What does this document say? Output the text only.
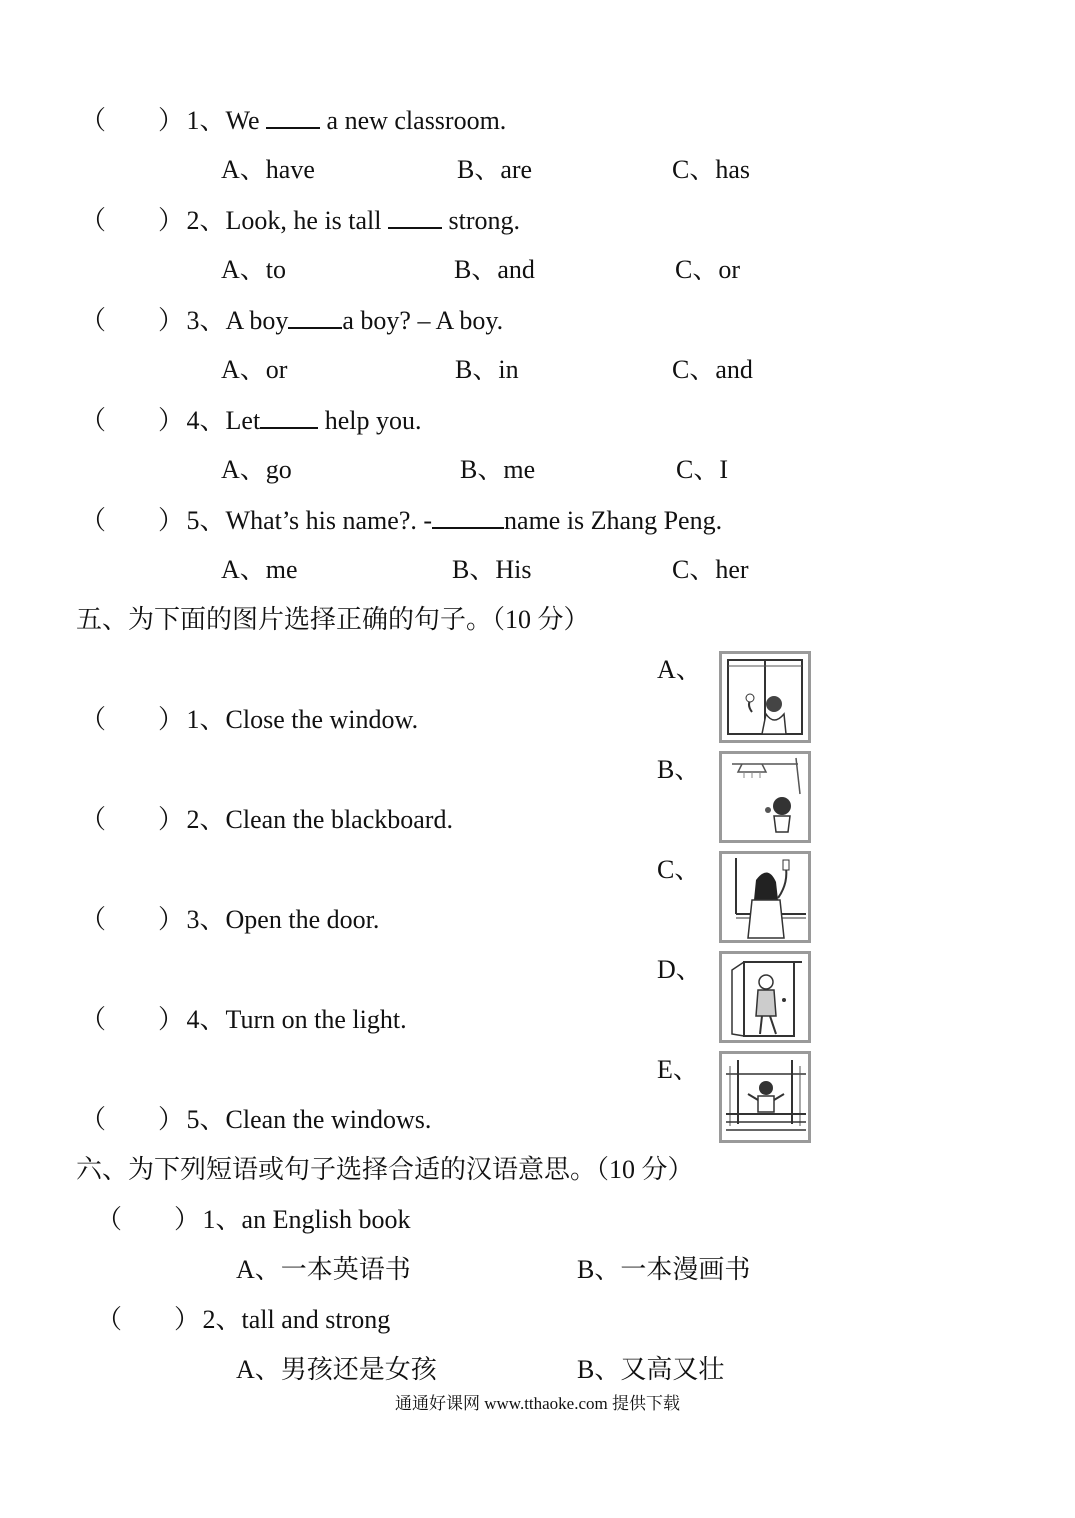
（　　） 1、We  a new classroom.
A、have	B、are	C、has
（　　） 2、Look, he is tall  strong.
A、to	B、and	C、or
（　　） 3、A boy a boy? – A boy.
A、or	B、in	C、and
（　　） 4、Let help you.
A、go	B、me	C、I
（　　） 5、What’s his name?. -	name is Zhang Peng.
A、me	B、His	C、her
五、为下面的图片选择正确的句子。（10 分）
（　　） 1、Close the window.
（　　） 2、Clean the blackboard.
（　　） 3、Open the door.
（　　） 4、Turn on the light.
（　　） 5、Clean the windows.
A、
B、
C、
D、
E、
六、为下列短语或句子选择合适的汉语意思。（10 分）
（　　） 1、an English book
A、一本英语书	B、一本漫画书
（　　） 2、tall and strong
A、男孩还是女孩	B、又高又壮
通通好课网 www.tthaoke.com 提供下载
